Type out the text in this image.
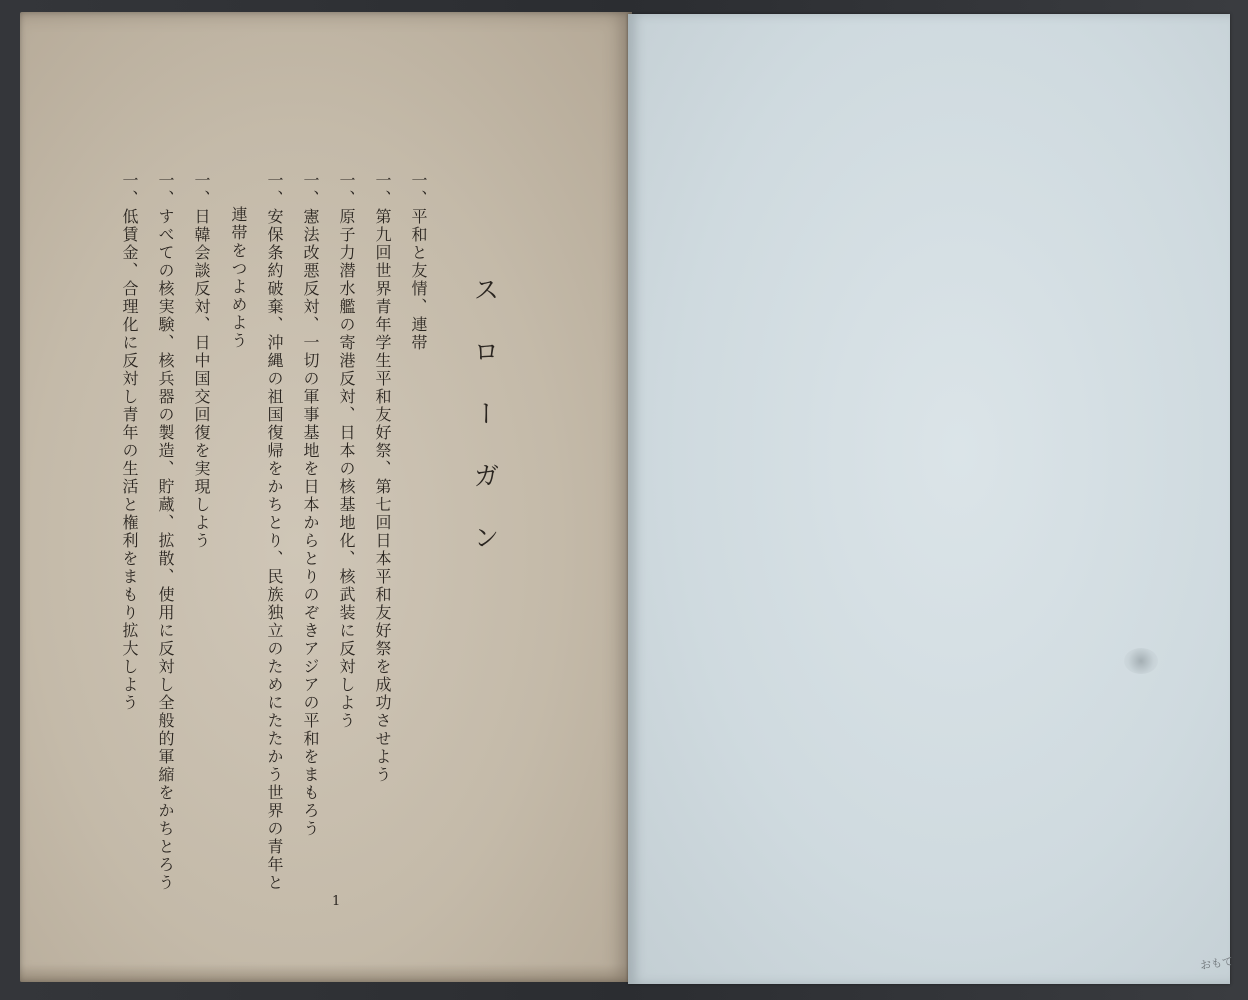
スローガン
一、平和と友情、連帯
一、第九回世界青年学生平和友好祭、第七回日本平和友好祭を成功させよう
一、原子力潜水艦の寄港反対、日本の核基地化、核武装に反対しよう
一、憲法改悪反対、一切の軍事基地を日本からとりのぞきアジアの平和をまもろう
一、安保条約破棄、沖縄の祖国復帰をかちとり、民族独立のためにたたかう世界の青年と
連帯をつよめよう
一、日韓会談反対、日中国交回復を実現しよう
一、すべての核実験、核兵器の製造、貯蔵、拡散、使用に反対し全般的軍縮をかちとろう
一、低賃金、合理化に反対し青年の生活と権利をまもり拡大しよう
1
おもて
